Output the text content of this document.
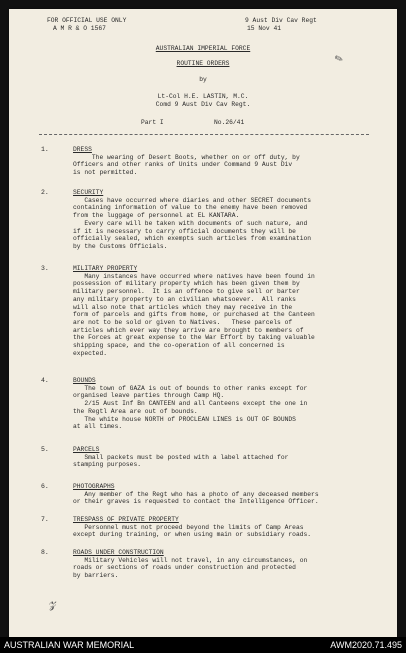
FOR OFFICIAL USE ONLY
A M R & O 1567
9 Aust Div Cav Regt
15 Nov 41
AUSTRALIAN IMPERIAL FORCE
ROUTINE ORDERS
by
Lt-Col H.E. LASTIN, M.C.
Comd 9 Aust Div Cav Regt.
Part I	No.26/41
✎
𝓏
1.	DRESS
The wearing of Desert Boots, whether on or off duty, by
Officers and other ranks of Units under Command 9 Aust Div
is not permitted.
2.	SECURITY
Cases have occurred where diaries and other SECRET documents
containing information of value to the enemy have been removed
from the luggage of personnel at EL KANTARA.
Every care will be taken with documents of such nature, and
if it is necessary to carry official documents they will be
officially sealed, which exempts such articles from examination
by the Customs Officials.
3.	MILITARY PROPERTY
Many instances have occurred where natives have been found in
possession of military property which has been given them by
military personnel.  It is an offence to give sell or barter
any military property to an civilian whatsoever.  All ranks
will also note that articles which they may receive in the
form of parcels and gifts from home, or purchased at the Canteen
are not to be sold or given to Natives.   These parcels of
articles which ever way they arrive are brought to members of
the Forces at great expense to the War Effort by taking valuable
shipping space, and the co-operation of all concerned is
expected.
4.	BOUNDS
The town of GAZA is out of bounds to other ranks except for
organised leave parties through Camp HQ.
2/15 Aust Inf Bn CANTEEN and all Canteens except the one in
the Regtl Area are out of bounds.
The white house NORTH of PROCLEAN LINES is OUT OF BOUNDS
at all times.
5.	PARCELS
Small packets must be posted with a label attached for
stamping purposes.
6.	PHOTOGRAPHS
Any member of the Regt who has a photo of any deceased members
or their graves is requested to contact the Intelligence Officer.
7.	TRESPASS OF PRIVATE PROPERTY
Personnel must not proceed beyond the limits of Camp Areas
except during training, or when using main or subsidiary roads.
8.	ROADS UNDER CONSTRUCTION
Military Vehicles will not travel, in any circumstances, on
roads or sections of roads under construction and protected
by barriers.
AUSTRALIAN WAR MEMORIAL	AWM2020.71.495
